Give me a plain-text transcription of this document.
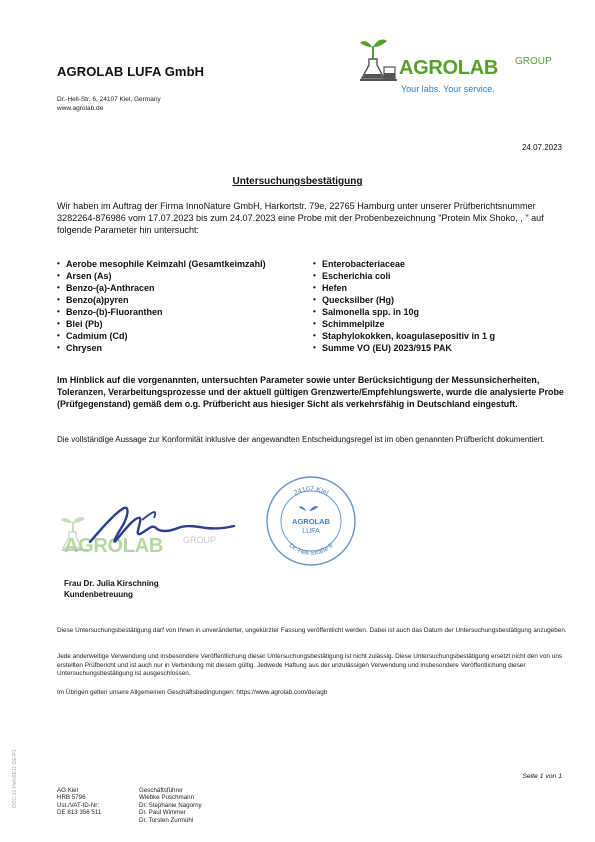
AGROLAB LUFA GmbH
Dr.-Hell-Str. 6, 24107 Kiel, Germany
www.agrolab.de
AGROLAB GROUP
Your labs. Your service.
24.07.2023
Untersuchungsbestätigung
Wir haben im Auftrag der Firma InnoNature GmbH, Harkortstr. 79e, 22765 Hamburg unter unserer Prüfberichtsnummer 3282264-876986 vom 17.07.2023 bis zum 24.07.2023 eine Probe mit der Probenbezeichnung "Protein Mix Shoko, , " auf folgende Parameter hin untersucht:
• Aerobe mesophile Keimzahl (Gesamtkeimzahl)
• Arsen (As)
• Benzo-(a)-Anthracen
• Benzo(a)pyren
• Benzo-(b)-Fluoranthen
• Blei (Pb)
• Cadmium (Cd)
• Chrysen
• Enterobacteriaceae
• Escherichia coli
• Hefen
• Quecksilber (Hg)
• Salmonella spp. in 10g
• Schimmelpilze
• Staphylokokken, koagulasepositiv in 1 g
• Summe VO (EU) 2023/915 PAK
Im Hinblick auf die vorgenannten, untersuchten Parameter sowie unter Berücksichtigung der Messunsicherheiten, Toleranzen, Verarbeitungsprozesse und der aktuell gültigen Grenzwerte/Empfehlungswerte, wurde die analysierte Probe (Prüfgegenstand) gemäß dem o.g. Prüfbericht aus hiesiger Sicht als verkehrsfähig in Deutschland eingestuft.
Die vollständige Aussage zur Konformität inklusive der angewandten Entscheidungsregel ist im oben genannten Prüfbericht dokumentiert.
AGROLAB GROUP
24107 Kiel
AGROLAB
LUFA
Dr.-Hell-Straße 6
Frau Dr. Julia Kirschning
Kundenbetreuung
Diese Untersuchungsbestätigung darf von Ihnen in unveränderter, ungekürzter Fassung veröffentlicht werden. Dabei ist auch das Datum der Untersuchungsbestätigung anzugeben.
Jede anderweitige Verwendung und insbesondere Veröffentlichung dieser Untersuchungsbestätigung ist nicht zulässig. Diese Untersuchungsbestätigung ersetzt nicht den von uns erstellten Prüfbericht und ist auch nur in Verbindung mit diesem gültig. Jedwede Haftung aus der unzulässigen Verwendung und insbesondere Veröffentlichung dieser Untersuchungsbestätigung ist ausgeschlossen.
Im Übrigen gelten unsere Allgemeinen Geschäftsbedingungen: https://www.agrolab.com/de/agb
Seite 1 von 1
AG Kiel
HRB 5796
Ust./VAT-ID-Nr:
DE 813 356 511
Geschäftsführer
Wiebke Puschmann
Dr. Stephanie Nagorny
Dr. Paul Wimmer
Dr. Torsten Zurmühl
DOC-31-Hell-BE11-DE-P1
